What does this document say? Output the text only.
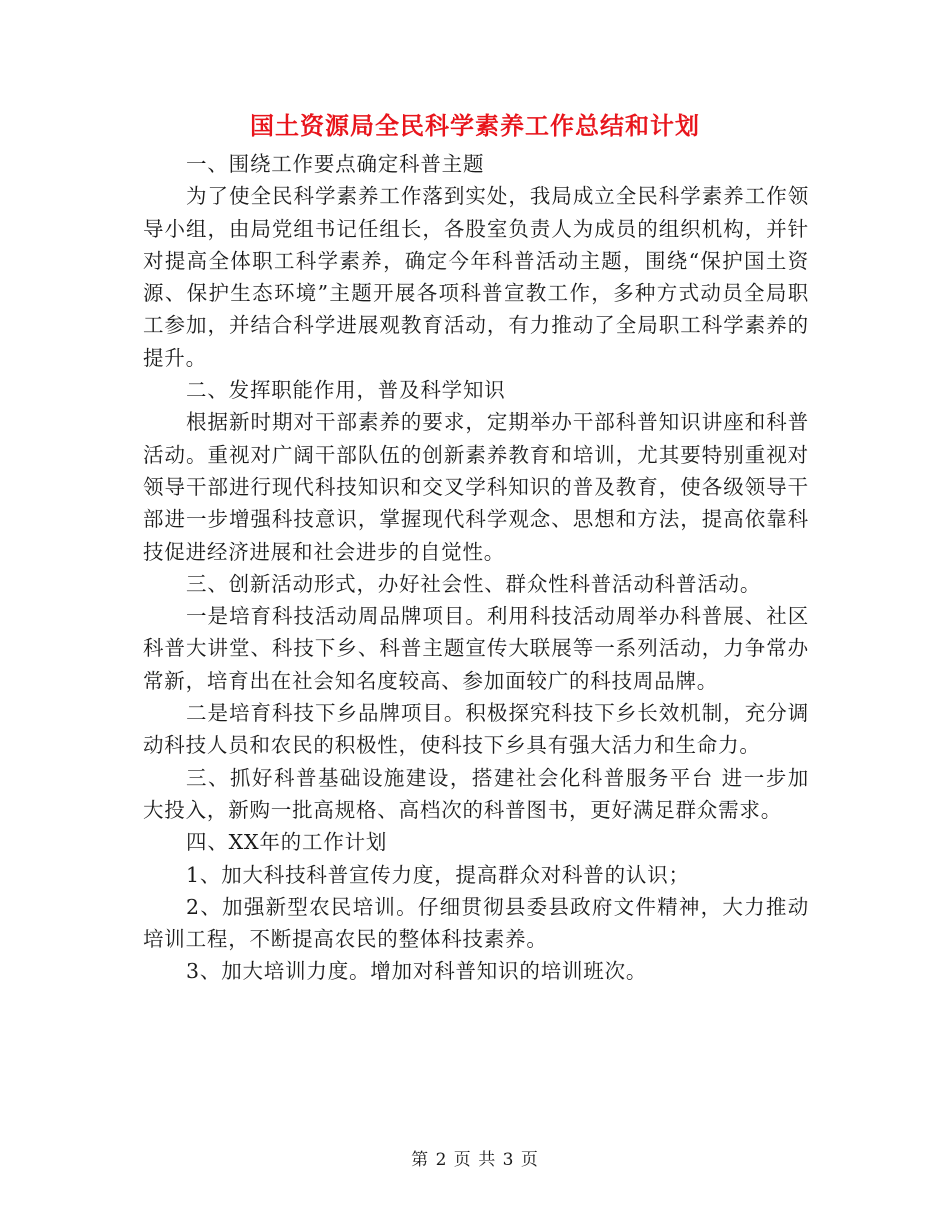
国土资源局全民科学素养工作总结和计划

一、围绕工作要点确定科普主题

为了使全民科学素养工作落到实处，我局成立全民科学素养工作领导小组，由局党组书记任组长，各股室负责人为成员的组织机构，并针对提高全体职工科学素养，确定今年科普活动主题，围绕“保护国土资源、保护生态环境”主题开展各项科普宣教工作，多种方式动员全局职工参加，并结合科学进展观教育活动，有力推动了全局职工科学素养的提升。

二、发挥职能作用，普及科学知识

根据新时期对干部素养的要求，定期举办干部科普知识讲座和科普活动。重视对广阔干部队伍的创新素养教育和培训，尤其要特别重视对领导干部进行现代科技知识和交叉学科知识的普及教育，使各级领导干部进一步增强科技意识，掌握现代科学观念、思想和方法，提高依靠科技促进经济进展和社会进步的自觉性。

三、创新活动形式，办好社会性、群众性科普活动科普活动。

一是培育科技活动周品牌项目。利用科技活动周举办科普展、社区科普大讲堂、科技下乡、科普主题宣传大联展等一系列活动，力争常办常新，培育出在社会知名度较高、参加面较广的科技周品牌。

二是培育科技下乡品牌项目。积极探究科技下乡长效机制，充分调动科技人员和农民的积极性，使科技下乡具有强大活力和生命力。

三、抓好科普基础设施建设，搭建社会化科普服务平台 进一步加大投入，新购一批高规格、高档次的科普图书，更好满足群众需求。

四、XX年的工作计划

1、加大科技科普宣传力度，提高群众对科普的认识；

2、加强新型农民培训。仔细贯彻县委县政府文件精神，大力推动培训工程，不断提高农民的整体科技素养。

3、加大培训力度。增加对科普知识的培训班次。

第 2 页 共 3 页
